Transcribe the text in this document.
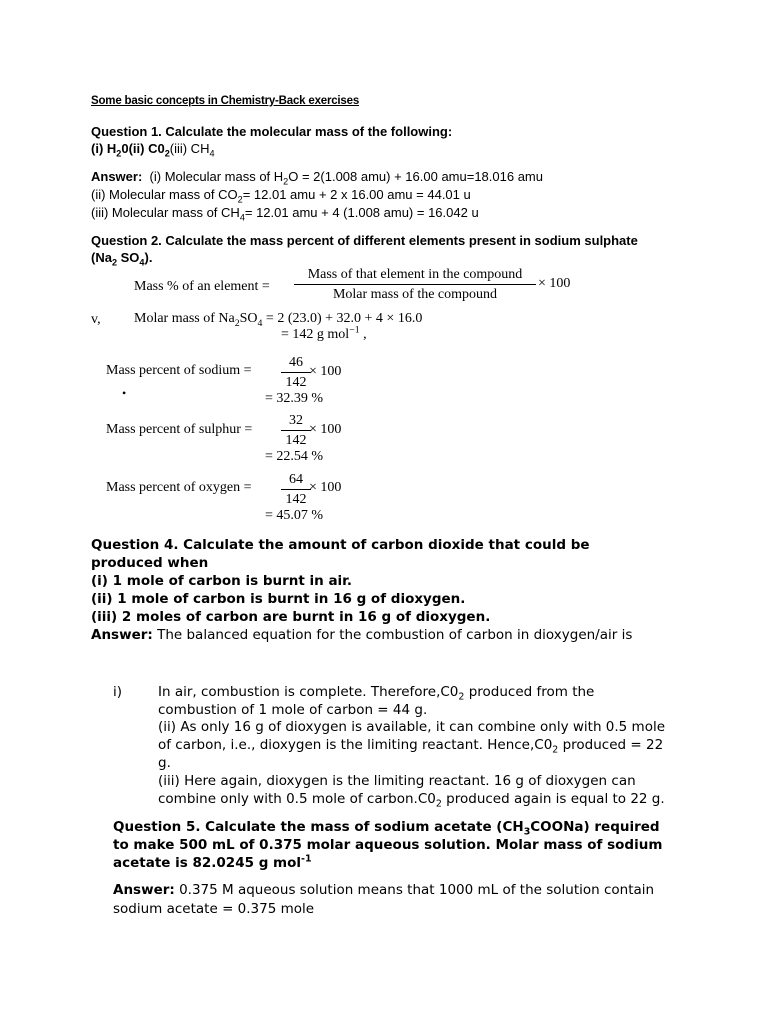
Some basic concepts in Chemistry-Back exercises
Question 1. Calculate the molecular mass of the following:
(i) $H_20(ii)$ $C0_2(iii)$ $CH_4$
Answer: (i) Molecular mass of $H_2O = 2(1.008$ amu) + 16.00 amu=18.016 amu
(ii) Molecular mass of $CO_2= 12.01$ amu + 2 x 16.00 amu = 44.01 u
(iii) Molecular mass of $CH_4= 12.01$ amu + 4 (1.008 amu) = 16.042 u
Question 2. Calculate the mass percent of different elements present in sodium sulphate
($Na_2$ $SO_4$).
Mass % of an element =
Mass of that element in the compound
Molar mass of the compound
× 100
v, Molar mass of $Na_2SO_4 = 2$ (23.0) + 32.0 + 4 × 16.0
= 142 g mol$^{-1}$ ,
Mass percent of sodium =
46
142
× 100
•	= 32.39 %
Mass percent of sulphur =
32
142
× 100
= 22.54 %
Mass percent of oxygen =
64
142
× 100
= 45.07 %
Question 4. Calculate the amount of carbon dioxide that could be
produced when
(i) 1 mole of carbon is burnt in air.
(ii) 1 mole of carbon is burnt in 16 g of dioxygen.
(iii) 2 moles of carbon are burnt in 16 g of dioxygen.
Answer: The balanced equation for the combustion of carbon in dioxygen/air is
i)	In air, combustion is complete. $Therefore,C0_2$ produced from the
combustion of 1 mole of carbon = 44 g.
(ii) As only 16 g of dioxygen is available, it can combine only with 0.5 mole
of carbon, i.e., dioxygen is the limiting reactant. $Hence,C0_2$ produced = 22
g.
(iii) Here again, dioxygen is the limiting reactant. 16 g of dioxygen can
combine only with 0.5 mole of $carbon.C0_2$ produced again is equal to 22 g.
Question 5. Calculate the mass of sodium acetate $(CH_3COONa)$ required
to make 500 mL of 0.375 molar aqueous solution. Molar mass of sodium
acetate is 82.0245 g mol$^{-1}$
Answer: 0.375 M aqueous solution means that 1000 mL of the solution contain
sodium acetate = 0.375 mole
